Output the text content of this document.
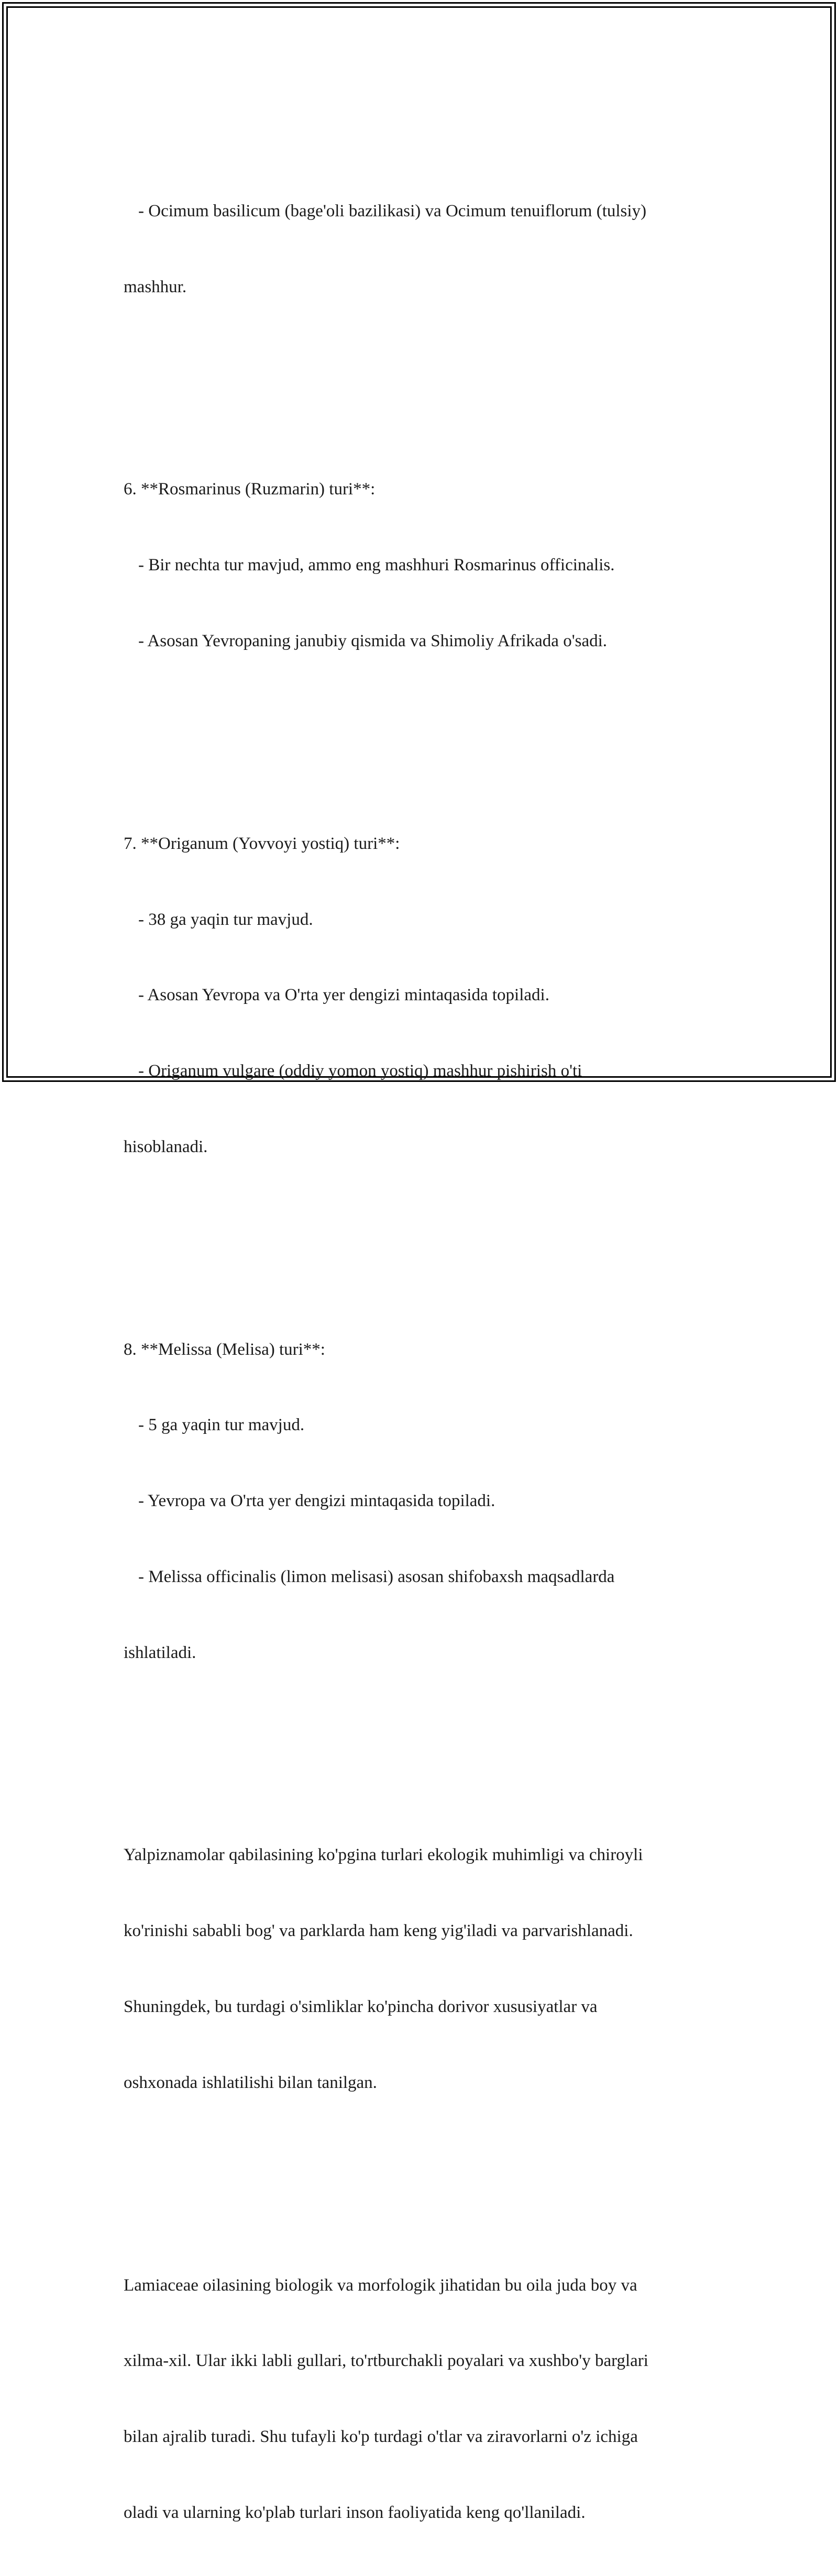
- Ocimum basilicum (bage'oli bazilikasi) va Ocimum tenuiflorum (tulsiy)

mashhur.

6. **Rosmarinus (Ruzmarin) turi**:

- Bir nechta tur mavjud, ammo eng mashhuri Rosmarinus officinalis.

- Asosan Yevropaning janubiy qismida va Shimoliy Afrikada o'sadi.

7. **Origanum (Yovvoyi yostiq) turi**:

- 38 ga yaqin tur mavjud.

- Asosan Yevropa va O'rta yer dengizi mintaqasida topiladi.

- Origanum vulgare (oddiy yomon yostiq) mashhur pishirish o'ti

hisoblanadi.

8. **Melissa (Melisa) turi**:

- 5 ga yaqin tur mavjud.

- Yevropa va O'rta yer dengizi mintaqasida topiladi.

- Melissa officinalis (limon melisasi) asosan shifobaxsh maqsadlarda

ishlatiladi.

Yalpiznamolar qabilasining ko'pgina turlari ekologik muhimligi va chiroyli

ko'rinishi sababli bog' va parklarda ham keng yig'iladi va parvarishlanadi.

Shuningdek, bu turdagi o'simliklar ko'pincha dorivor xususiyatlar va

oshxonada ishlatilishi bilan tanilgan.

Lamiaceae oilasining biologik va morfologik jihatidan bu oila juda boy va

xilma-xil. Ular ikki labli gullari, to'rtburchakli poyalari va xushbo'y barglari

bilan ajralib turadi. Shu tufayli ko'p turdagi o'tlar va ziravorlarni o'z ichiga

oladi va ularning ko'plab turlari inson faoliyatida keng qo'llaniladi.
